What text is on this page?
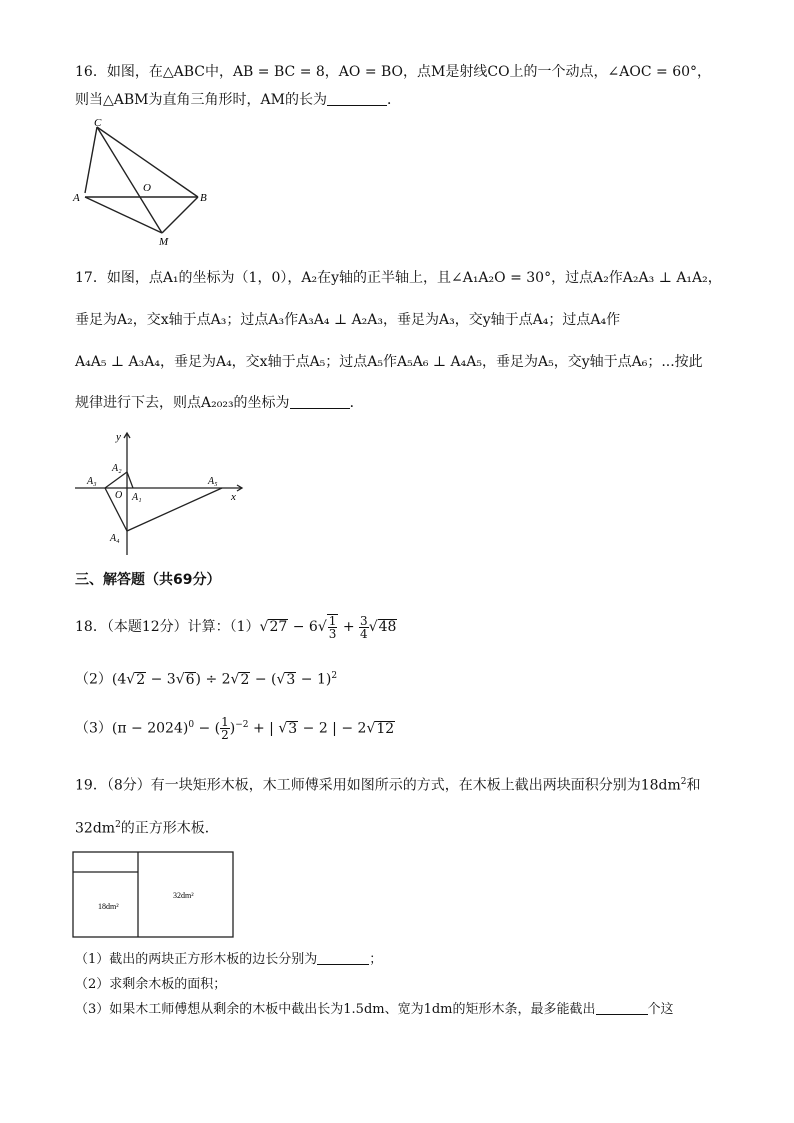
16．如图，在△ABC中，AB = BC = 8，AO = BO，点M是射线CO上的一个动点，∠AOC = 60°，
则当△ABM为直角三角形时，AM的长为	．
C
A
O
B
M
17．如图，点A₁的坐标为（1，0），A₂在y轴的正半轴上，且∠A₁A₂O = 30°，过点A₂作A₂A₃ ⊥ A₁A₂，
垂足为A₂，交x轴于点A₃；过点A₃作A₃A₄ ⊥ A₂A₃，垂足为A₃，交y轴于点A₄；过点A₄作
A₄A₅ ⊥ A₃A₄，垂足为A₄，交x轴于点A₅；过点A₅作A₅A₆ ⊥ A₄A₅，垂足为A₅，交y轴于点A₆；...按此
规律进行下去，则点A₂₀₂₃的坐标为	．
y
x
O A₁
A₂
A₃
A₄
A₅
三、解答题（共69分）
18．（本题12分）计算：$(1)√27 - 6√ \frac{1}{3} + \frac{3}{4} √48$
$(2)(4√2 - 3√6) \div 2√2 - (√3 - 1)^2$
$(3)(\pi - 2024)^0$ − ( $\frac{1}{2} )^{-2}$ + | √3 − 2 | − 2√12
19．（8分）有一块矩形木板，木工师傅采用如图所示的方式，在木板上截出两块面积分别为$18dm^2$和
$32dm^2$的正方形木板．
18dm²
32dm²
（1）截出的两块正方形木板的边长分别为	；
（2）求剩余木板的面积；
（3）如果木工师傅想从剩余的木板中截出长为1.5dm、宽为1dm的矩形木条，最多能截出	个这
